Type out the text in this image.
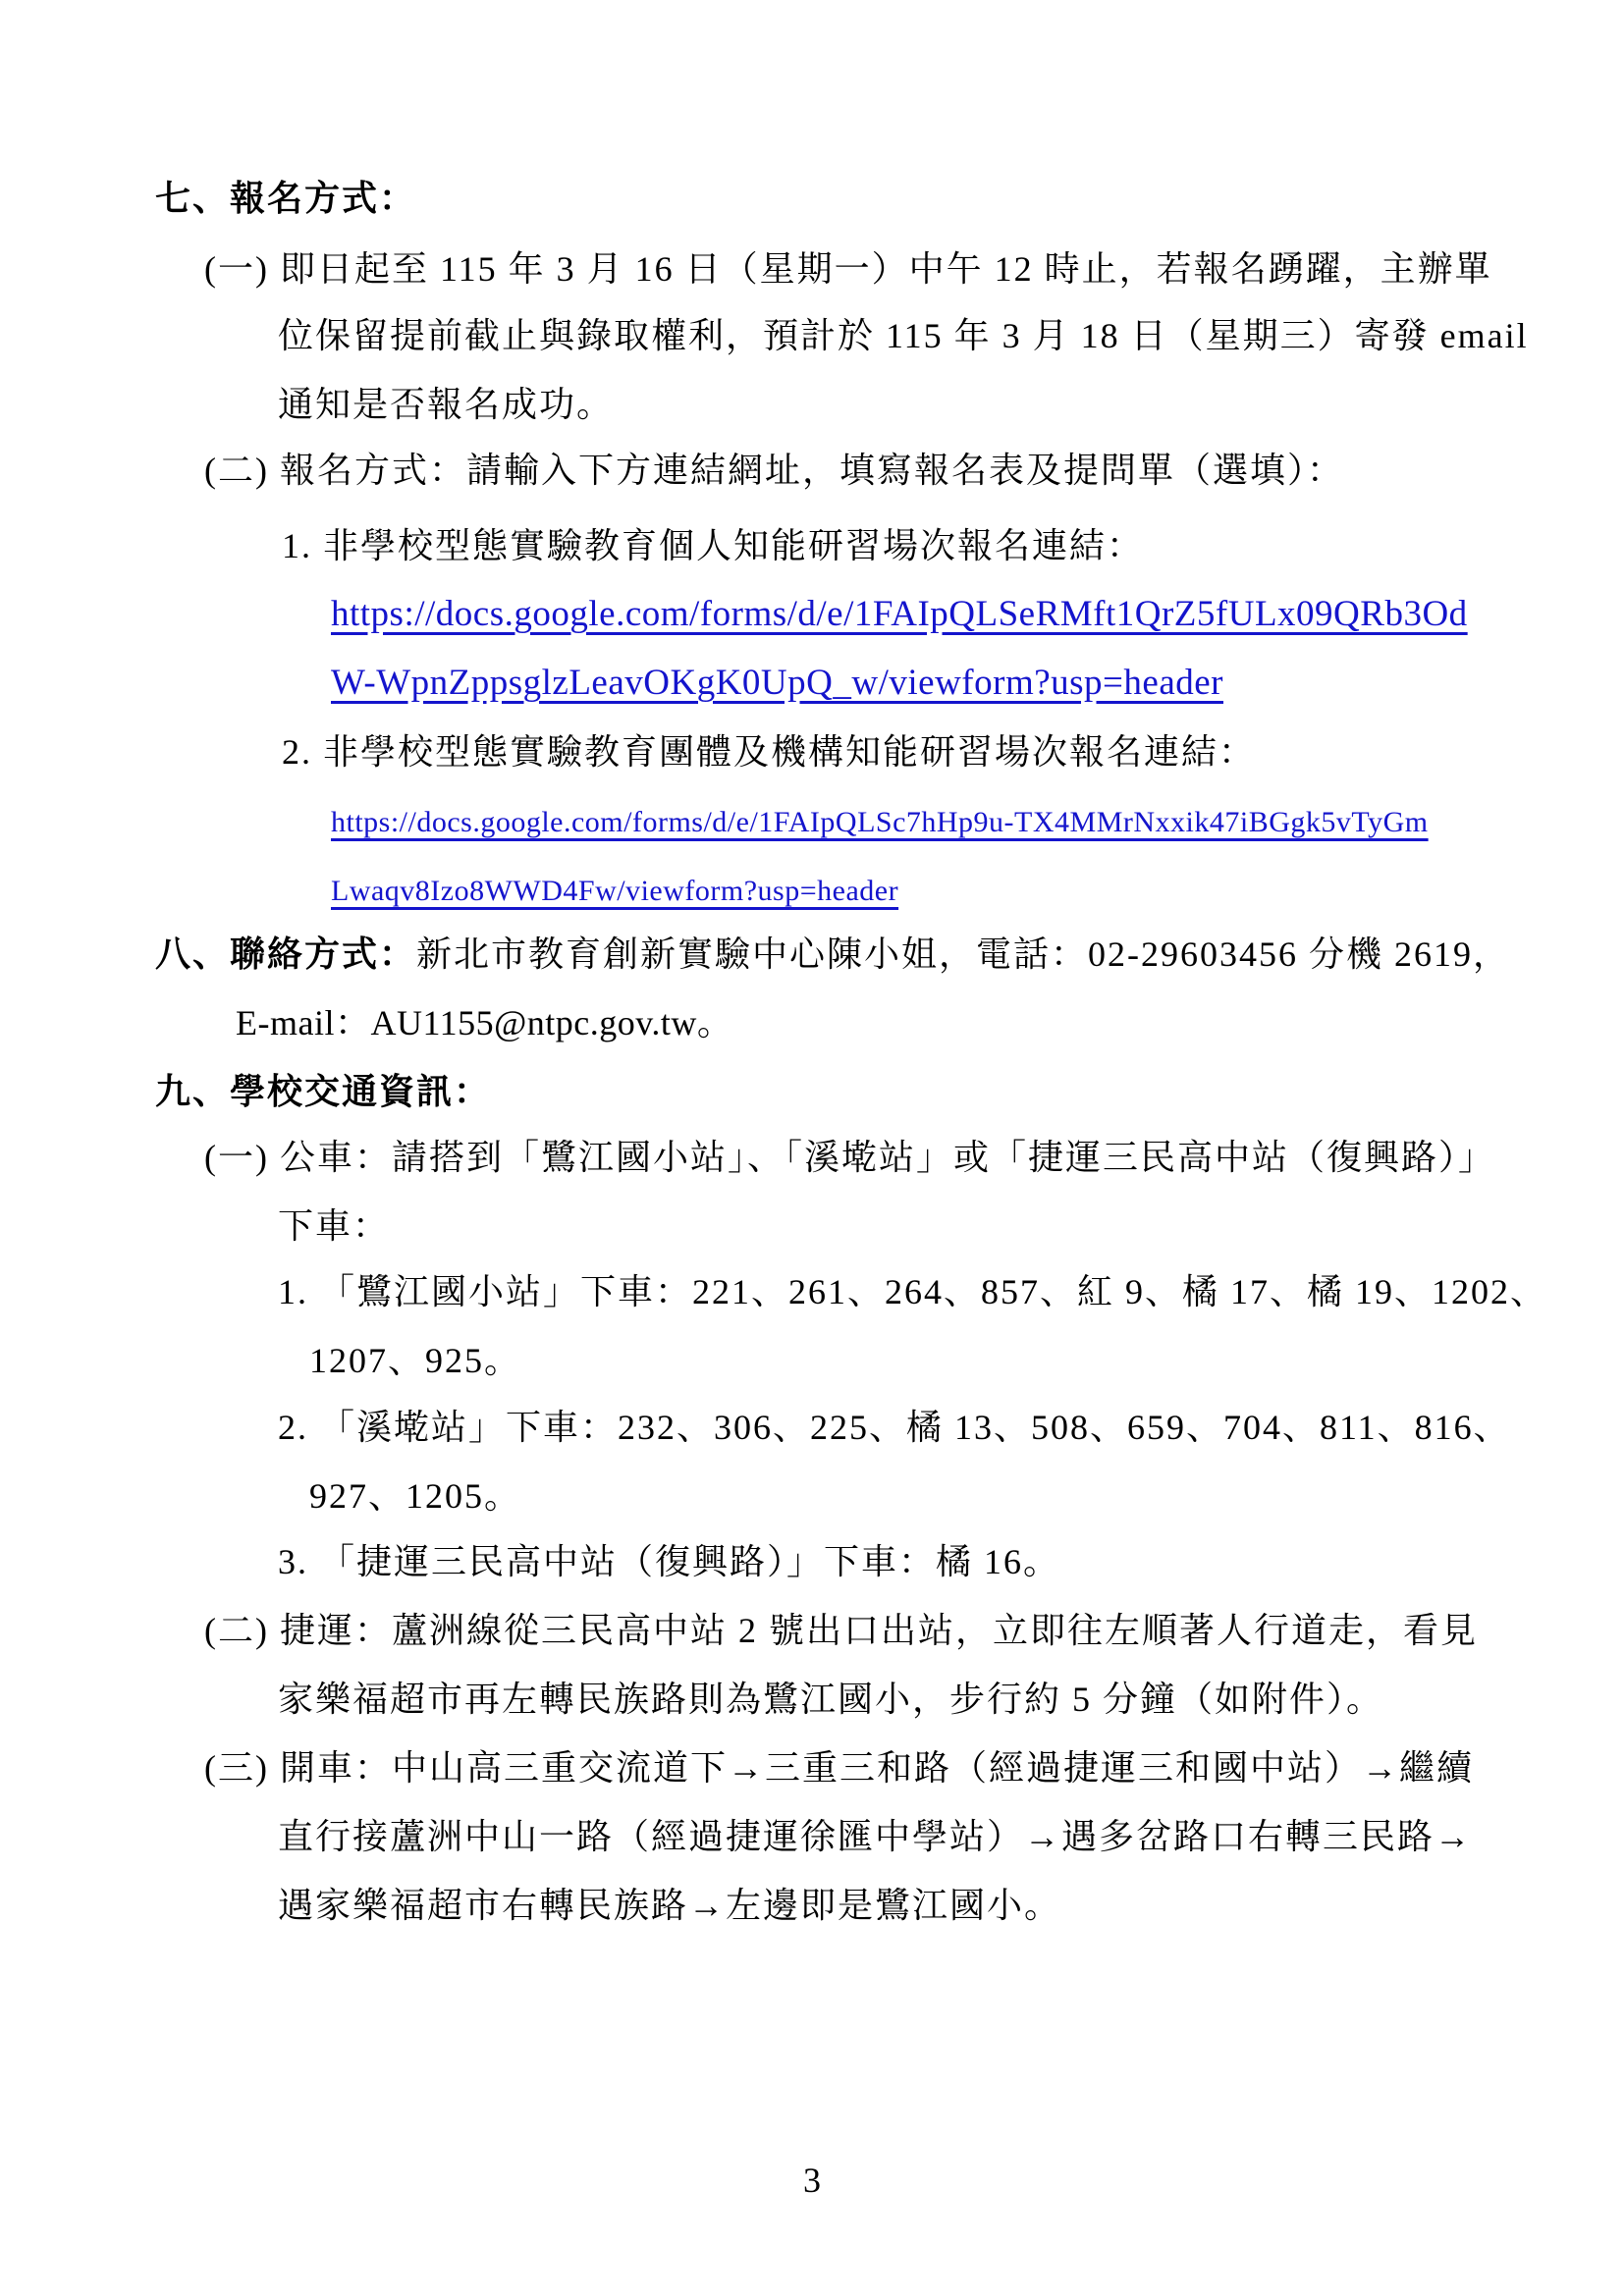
七、報名方式：
(一) 即日起至 115 年 3 月 16 日（星期一）中午 12 時止，若報名踴躍，主辦單
位保留提前截止與錄取權利，預計於 115 年 3 月 18 日（星期三）寄發 email
通知是否報名成功。
(二) 報名方式：請輸入下方連結網址，填寫報名表及提問單（選填）：
1. 非學校型態實驗教育個人知能研習場次報名連結：
https://docs.google.com/forms/d/e/1FAIpQLSeRMft1QrZ5fULx09QRb3Od
W-WpnZppsglzLeavOKgK0UpQ_w/viewform?usp=header
2. 非學校型態實驗教育團體及機構知能研習場次報名連結：
https://docs.google.com/forms/d/e/1FAIpQLSc7hHp9u-TX4MMrNxxik47iBGgk5vTyGm
Lwaqv8Izo8WWD4Fw/viewform?usp=header
八、聯絡方式：新北市教育創新實驗中心陳小姐，電話：02-29603456 分機 2619，
E-mail：AU1155@ntpc.gov.tw。
九、學校交通資訊：
(一) 公車：請搭到「鷺江國小站」、「溪墘站」或「捷運三民高中站（復興路）」
下車：
1. 「鷺江國小站」下車：221、261、264、857、紅 9、橘 17、橘 19、1202、
1207、925。
2. 「溪墘站」下車：232、306、225、橘 13、508、659、704、811、816、
927、1205。
3. 「捷運三民高中站（復興路）」下車：橘 16。
(二) 捷運：蘆洲線從三民高中站 2 號出口出站，立即往左順著人行道走，看見
家樂福超市再左轉民族路則為鷺江國小，步行約 5 分鐘（如附件）。
(三) 開車：中山高三重交流道下→三重三和路（經過捷運三和國中站）→繼續
直行接蘆洲中山一路（經過捷運徐匯中學站）→遇多岔路口右轉三民路→
遇家樂福超市右轉民族路→左邊即是鷺江國小。
3
